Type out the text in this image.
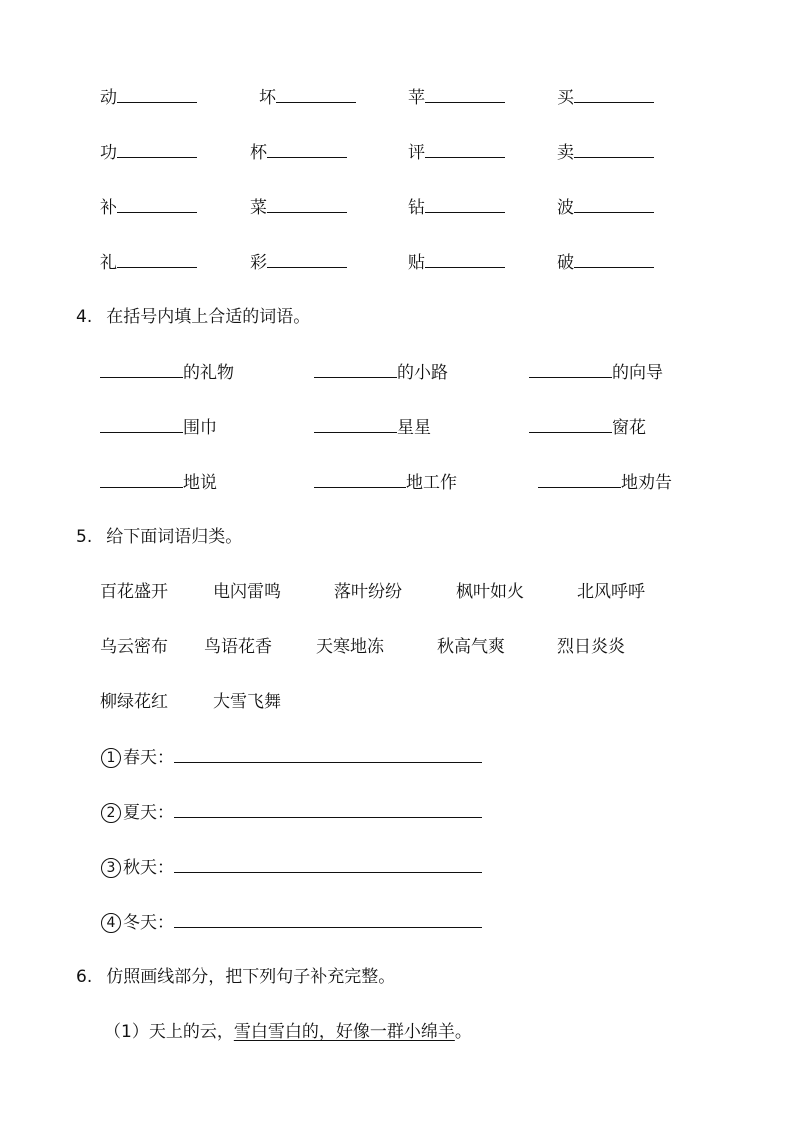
动	坏	苹	买
功	杯	评	卖
补	菜	钻	波
礼	彩	贴	破
4. 在括号内填上合适的词语。
的礼物	的小路	的向导
围巾	星星	窗花
地说	地工作	地劝告
5. 给下面词语归类。
百花盛开	电闪雷鸣	落叶纷纷	枫叶如火	北风呼呼
乌云密布 鸟语花香	天寒地冻	秋高气爽	烈日炎炎
柳绿花红	大雪飞舞
1 春天：
2 夏天：
3 秋天：
4 冬天：
6. 仿照画线部分，把下列句子补充完整。
（1）天上的云，雪白雪白的，好像一群小绵羊。
